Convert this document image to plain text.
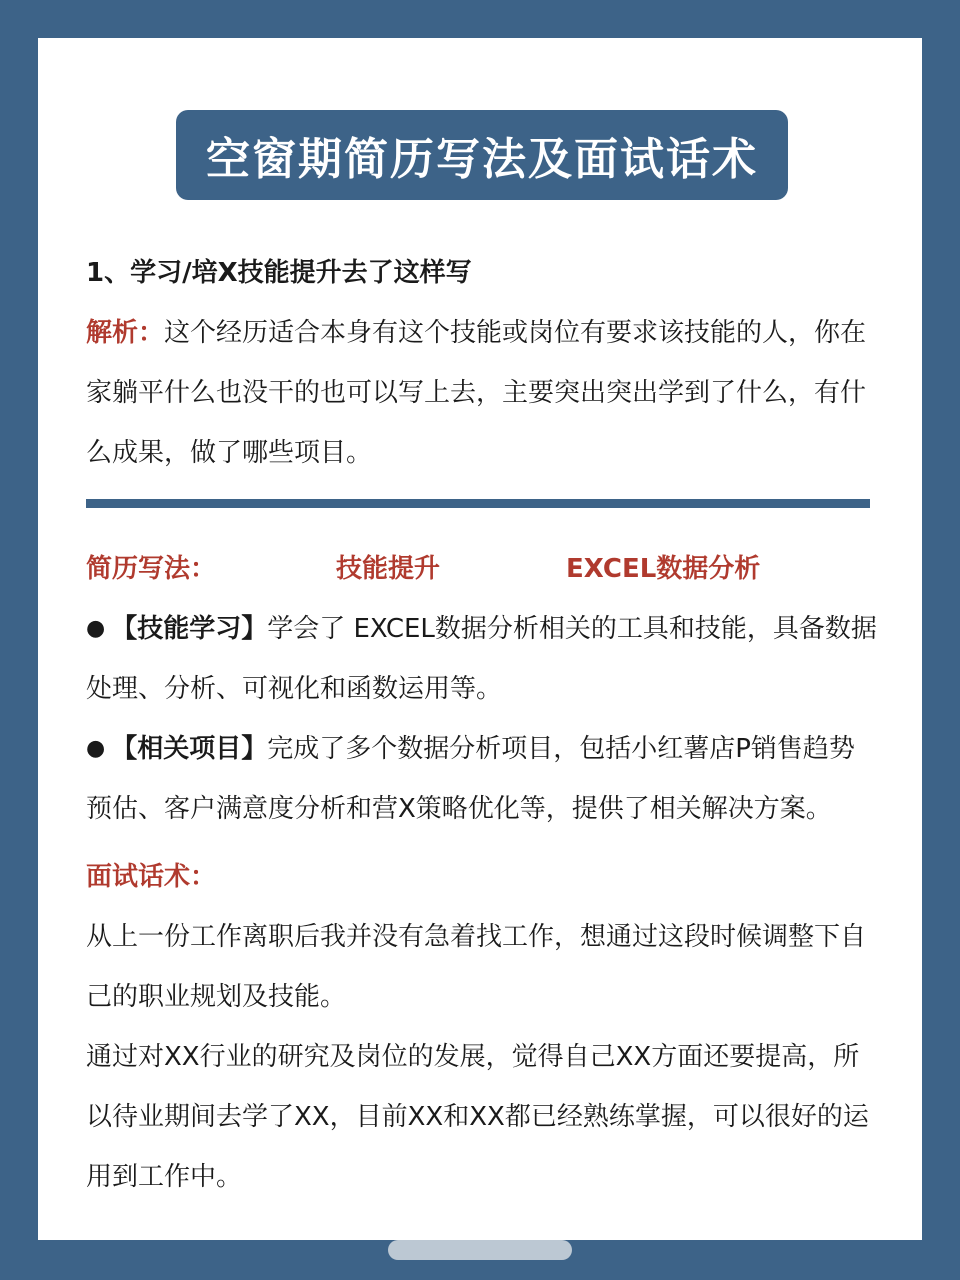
空窗期简历写法及面试话术
1、学习/培X技能提升去了这样写
解析：这个经历适合本身有这个技能或岗位有要求该技能的人，你在
家躺平什么也没干的也可以写上去，主要突出突出学到了什么，有什
么成果，做了哪些项目。
简历写法：	技能提升	EXCEL数据分析
● 【技能学习】学会了 EXCEL数据分析相关的工具和技能，具备数据
处理、分析、可视化和函数运用等。
● 【相关项目】完成了多个数据分析项目，包括小红薯店P销售趋势
预估、客户满意度分析和营X策略优化等，提供了相关解决方案。
面试话术：
从上一份工作离职后我并没有急着找工作，想通过这段时候调整下自
己的职业规划及技能。
通过对XX行业的研究及岗位的发展，觉得自己XX方面还要提高，所
以待业期间去学了XX，目前XX和XX都已经熟练掌握，可以很好的运
用到工作中。
